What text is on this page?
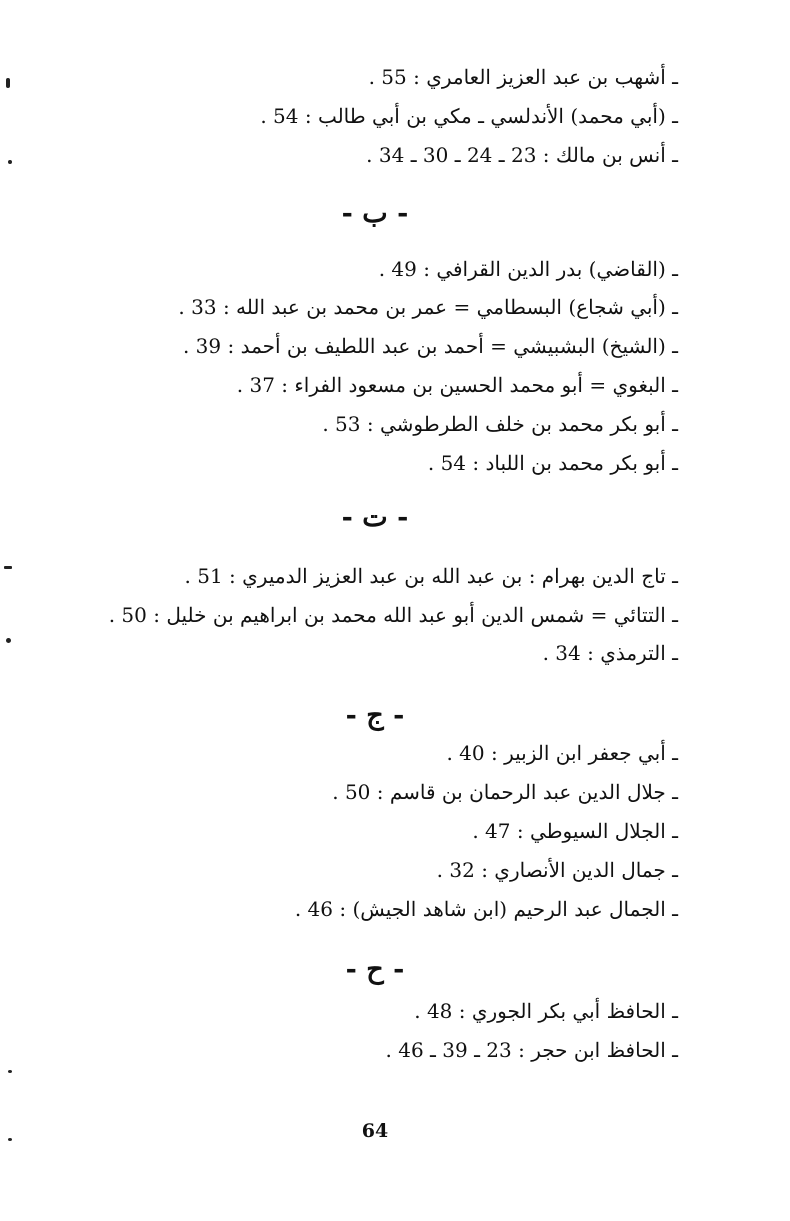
ـ أشهب بن عبد العزيز العامري : 55 .
ـ (أبي محمد) الأندلسي ـ مكي بن أبي طالب : 54 .
ـ أنس بن مالك : 23 ـ 24 ـ 30 ـ 34 .
- ب -
ـ (القاضي) بدر الدين القرافي : 49 .
ـ (أبي شجاع) البسطامي = عمر بن محمد بن عبد الله : 33 .
ـ (الشيخ) البشبيشي = أحمد بن عبد اللطيف بن أحمد : 39 .
ـ البغوي = أبو محمد الحسين بن مسعود الفراء : 37 .
ـ أبو بكر محمد بن خلف الطرطوشي : 53 .
ـ أبو بكر محمد بن اللباد : 54 .
- ت -
ـ تاج الدين بهرام : بن عبد الله بن عبد العزيز الدميري : 51 .
ـ التتائي = شمس الدين أبو عبد الله محمد بن ابراهيم بن خليل : 50 .
ـ الترمذي : 34 .
- ج -
ـ أبي جعفر ابن الزبير : 40 .
ـ جلال الدين عبد الرحمان بن قاسم : 50 .
ـ الجلال السيوطي : 47 .
ـ جمال الدين الأنصاري : 32 .
ـ الجمال عبد الرحيم (ابن شاهد الجيش) : 46 .
- ح -
ـ الحافظ أبي بكر الجوري : 48 .
ـ الحافظ ابن حجر : 23 ـ 39 ـ 46 .
64
